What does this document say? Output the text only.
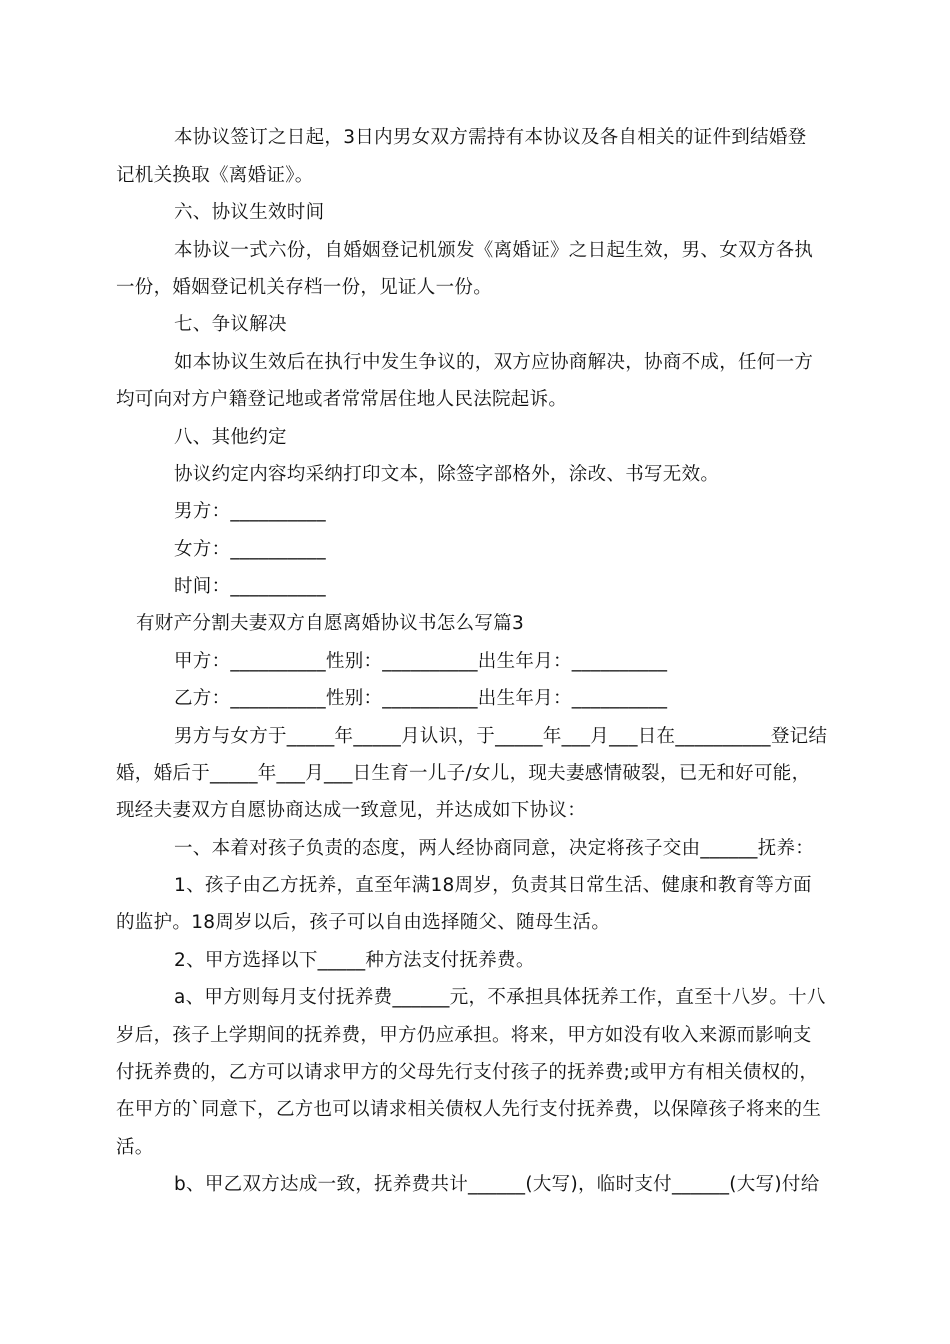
本协议签订之日起，3日内男女双方需持有本协议及各自相关的证件到结婚登
记机关换取《离婚证》。
六、协议生效时间
本协议一式六份，自婚姻登记机颁发《离婚证》之日起生效，男、女双方各执
一份，婚姻登记机关存档一份，见证人一份。
七、争议解决
如本协议生效后在执行中发生争议的，双方应协商解决，协商不成，任何一方
均可向对方户籍登记地或者常常居住地人民法院起诉。
八、其他约定
协议约定内容均采纳打印文本，除签字部格外，涂改、书写无效。
男方：__________
女方：__________
时间：__________
有财产分割夫妻双方自愿离婚协议书怎么写篇3
甲方：__________性别：__________出生年月：__________
乙方：__________性别：__________出生年月：__________
男方与女方于_____年_____月认识，于_____年___月___日在__________登记结
婚，婚后于_____年___月___日生育一儿子/女儿，现夫妻感情破裂，已无和好可能，
现经夫妻双方自愿协商达成一致意见，并达成如下协议：
一、本着对孩子负责的态度，两人经协商同意，决定将孩子交由______抚养：
1、孩子由乙方抚养，直至年满18周岁，负责其日常生活、健康和教育等方面
的监护。18周岁以后，孩子可以自由选择随父、随母生活。
2、甲方选择以下_____种方法支付抚养费。
a、甲方则每月支付抚养费______元，不承担具体抚养工作，直至十八岁。十八
岁后，孩子上学期间的抚养费，甲方仍应承担。将来，甲方如没有收入来源而影响支
付抚养费的，乙方可以请求甲方的父母先行支付孩子的抚养费;或甲方有相关债权的，
在甲方的`同意下，乙方也可以请求相关债权人先行支付抚养费，以保障孩子将来的生
活。
b、甲乙双方达成一致，抚养费共计______(大写)，临时支付______(大写)付给
